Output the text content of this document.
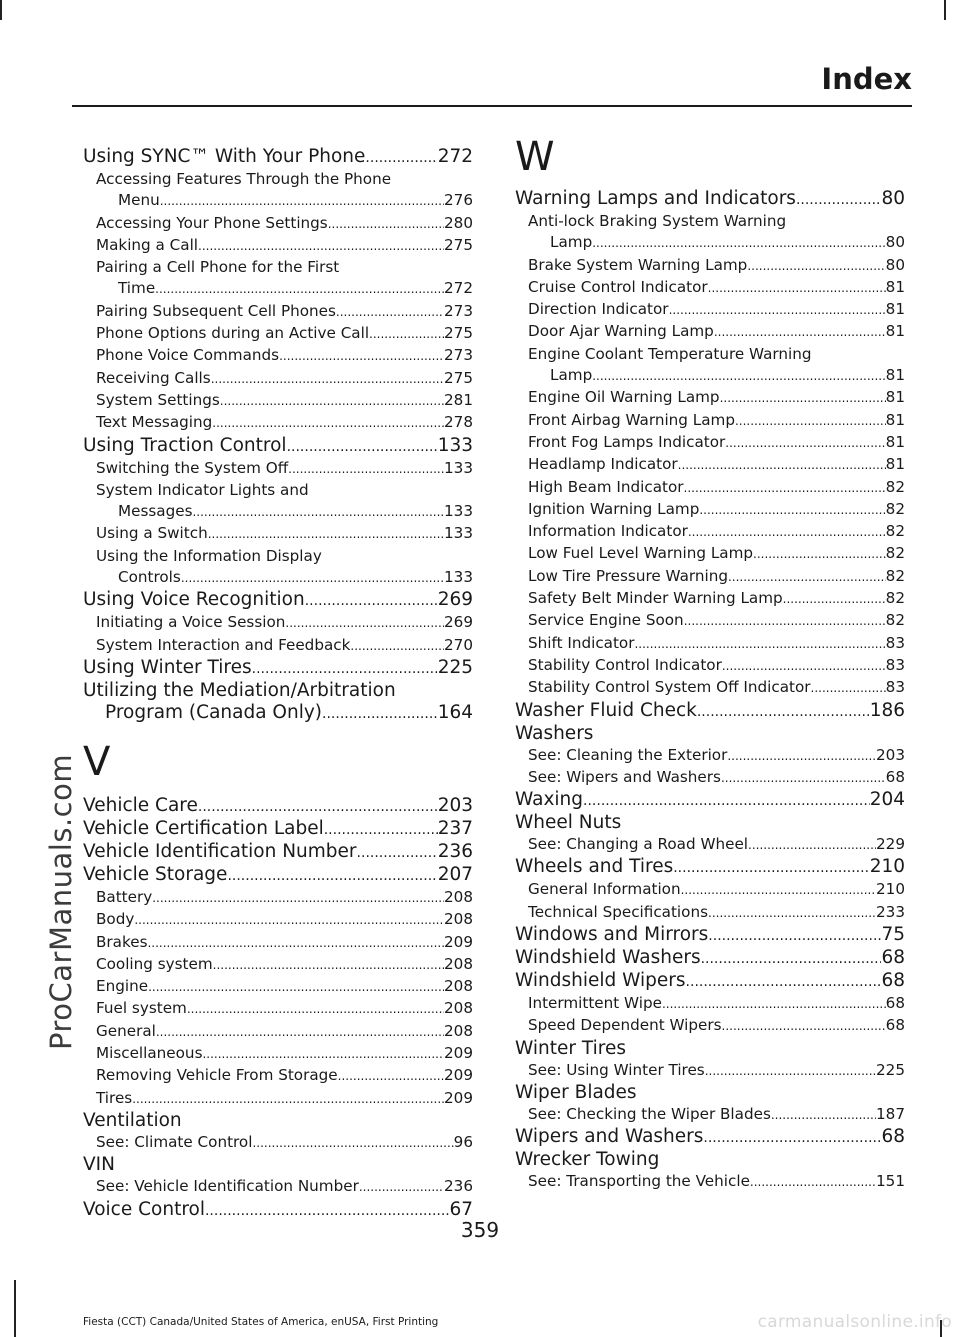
ProCarManuals.com
Index
Using SYNC™ With Your Phone .....	272
Accessing Features Through the Phone
Menu .....	276
Accessing Your Phone Settings .....	280
Making a Call .....	275
Pairing a Cell Phone for the First
Time .....	272
Pairing Subsequent Cell Phones .....	273
Phone Options during an Active Call .....	275
Phone Voice Commands .....	273
Receiving Calls .....	275
System Settings .....	281
Text Messaging .....	278
Using Traction Control .....	133
Switching the System Off .....	133
System Indicator Lights and
Messages .....	133
Using a Switch .....	133
Using the Information Display
Controls .....	133
Using Voice Recognition .....	269
Initiating a Voice Session .....	269
System Interaction and Feedback .....	270
Using Winter Tires .....	225
Utilizing the Mediation/Arbitration
Program (Canada Only) .....	164
V
Vehicle Care .....	203
Vehicle Certification Label .....	237
Vehicle Identification Number .....	236
Vehicle Storage .....	207
Battery .....	208
Body .....	208
Brakes .....	209
Cooling system .....	208
Engine .....	208
Fuel system .....	208
General .....	208
Miscellaneous .....	209
Removing Vehicle From Storage .....	209
Tires .....	209
Ventilation
See: Climate Control .....	96
VIN
See: Vehicle Identification Number .....	236
Voice Control .....	67
W
Warning Lamps and Indicators .....	80
Anti-lock Braking System Warning
Lamp .....	80
Brake System Warning Lamp .....	80
Cruise Control Indicator .....	81
Direction Indicator .....	81
Door Ajar Warning Lamp .....	81
Engine Coolant Temperature Warning
Lamp .....	81
Engine Oil Warning Lamp .....	81
Front Airbag Warning Lamp .....	81
Front Fog Lamps Indicator .....	81
Headlamp Indicator .....	81
High Beam Indicator .....	82
Ignition Warning Lamp .....	82
Information Indicator .....	82
Low Fuel Level Warning Lamp .....	82
Low Tire Pressure Warning .....	82
Safety Belt Minder Warning Lamp .....	82
Service Engine Soon .....	82
Shift Indicator .....	83
Stability Control Indicator .....	83
Stability Control System Off Indicator .....	83
Washer Fluid Check .....	186
Washers
See: Cleaning the Exterior .....	203
See: Wipers and Washers .....	68
Waxing .....	204
Wheel Nuts
See: Changing a Road Wheel .....	229
Wheels and Tires .....	210
General Information .....	210
Technical Specifications .....	233
Windows and Mirrors .....	75
Windshield Washers .....	68
Windshield Wipers .....	68
Intermittent Wipe .....	68
Speed Dependent Wipers .....	68
Winter Tires
See: Using Winter Tires .....	225
Wiper Blades
See: Checking the Wiper Blades .....	187
Wipers and Washers .....	68
Wrecker Towing
See: Transporting the Vehicle .....	151
359
Fiesta (CCT) Canada/United States of America, enUSA, First Printing	carmanualsonline.info
